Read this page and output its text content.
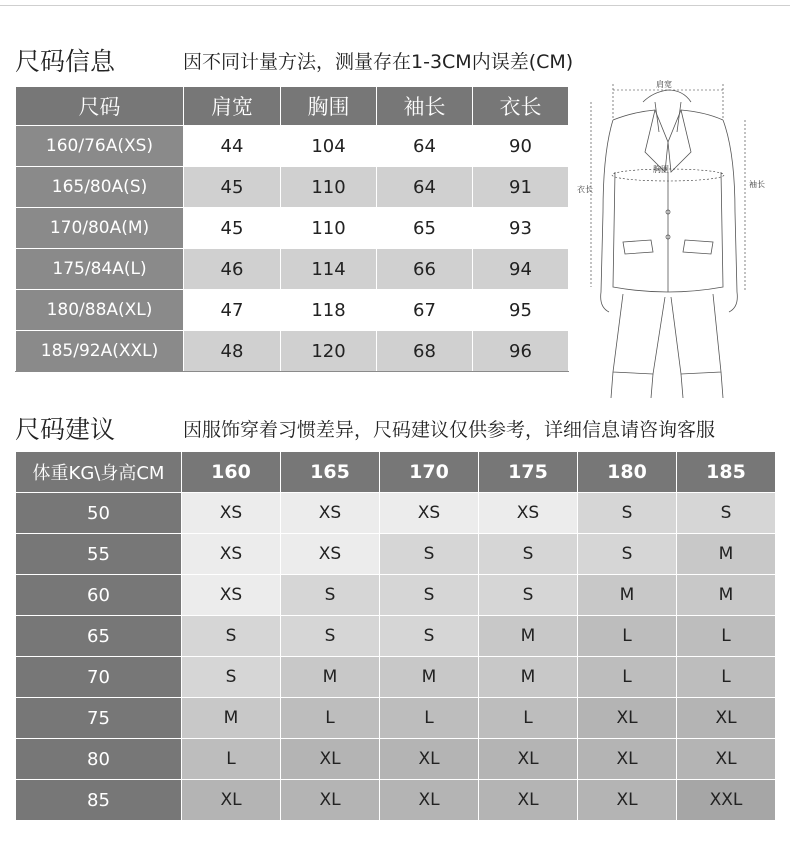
尺码信息	因不同计量方法，测量存在1-3CM内误差(CM)
尺码	肩宽	胸围	袖长	衣长
160/76A(XS)	44	104	64	90
165/80A(S)	45	110	64	91
170/80A(M)	45	110	65	93
175/84A(L)	46	114	66	94
180/88A(XL)	47	118	67	95
185/92A(XXL)	48	120	68	96
肩宽
胸围
衣长
袖长
尺码建议	因服饰穿着习惯差异，尺码建议仅供参考，详细信息请咨询客服
体重KG\身高CM	160	165	170	175	180	185
50	XS	XS	XS	XS	S	S
55	XS	XS	S	S	S	M
60	XS	S	S	S	M	M
65	S	S	S	M	L	L
70	S	M	M	M	L	L
75	M	L	L	L	XL	XL
80	L	XL	XL	XL	XL	XL
85	XL	XL	XL	XL	XL	XXL
